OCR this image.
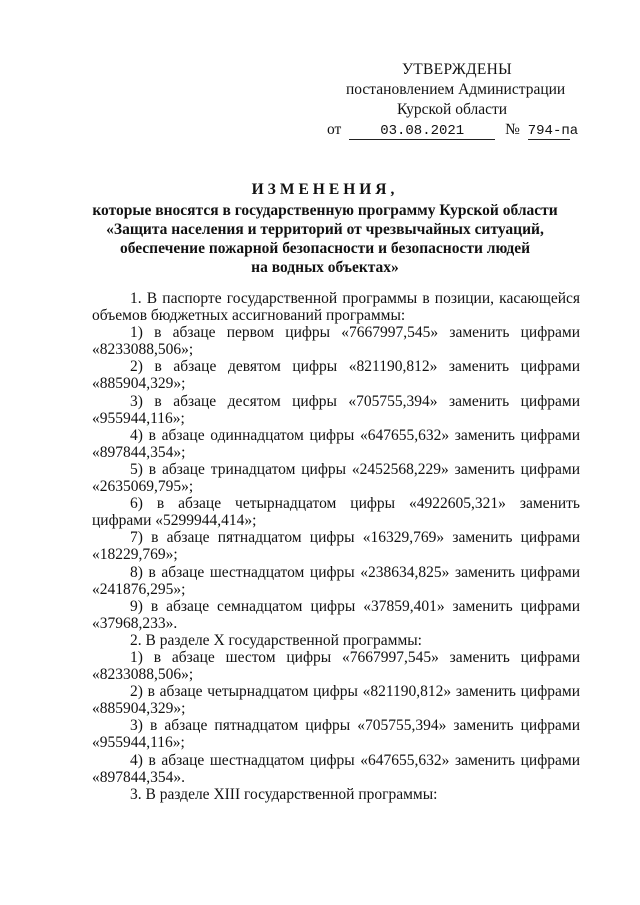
УТВЕРЖДЕНЫ
постановлением Администрации
Курской области
от	03.08.2021	№ 794-па
ИЗМЕНЕНИЯ,
которые вносятся в государственную программу Курской области
«Защита населения и территорий от чрезвычайных ситуаций,
обеспечение пожарной безопасности и безопасности людей
на водных объектах»

1. В паспорте государственной программы в позиции, касающейся объемов бюджетных ассигнований программы:

1) в абзаце первом цифры «7667997,545» заменить цифрами «8233088,506»;

2) в абзаце девятом цифры «821190,812» заменить цифрами «885904,329»;

3) в абзаце десятом цифры «705755,394» заменить цифрами «955944,116»;

4) в абзаце одиннадцатом цифры «647655,632» заменить цифрами «897844,354»;

5) в абзаце тринадцатом цифры «2452568,229» заменить цифрами «2635069,795»;

6) в абзаце четырнадцатом цифры «4922605,321» заменить цифрами «5299944,414»;

7) в абзаце пятнадцатом цифры «16329,769» заменить цифрами «18229,769»;

8) в абзаце шестнадцатом цифры «238634,825» заменить цифрами «241876,295»;

9) в абзаце семнадцатом цифры «37859,401» заменить цифрами «37968,233».

2. В разделе X государственной программы:

1) в абзаце шестом цифры «7667997,545» заменить цифрами «8233088,506»;

2) в абзаце четырнадцатом цифры «821190,812» заменить цифрами «885904,329»;

3) в абзаце пятнадцатом цифры «705755,394» заменить цифрами «955944,116»;

4) в абзаце шестнадцатом цифры «647655,632» заменить цифрами «897844,354».

3. В разделе XIII государственной программы:
